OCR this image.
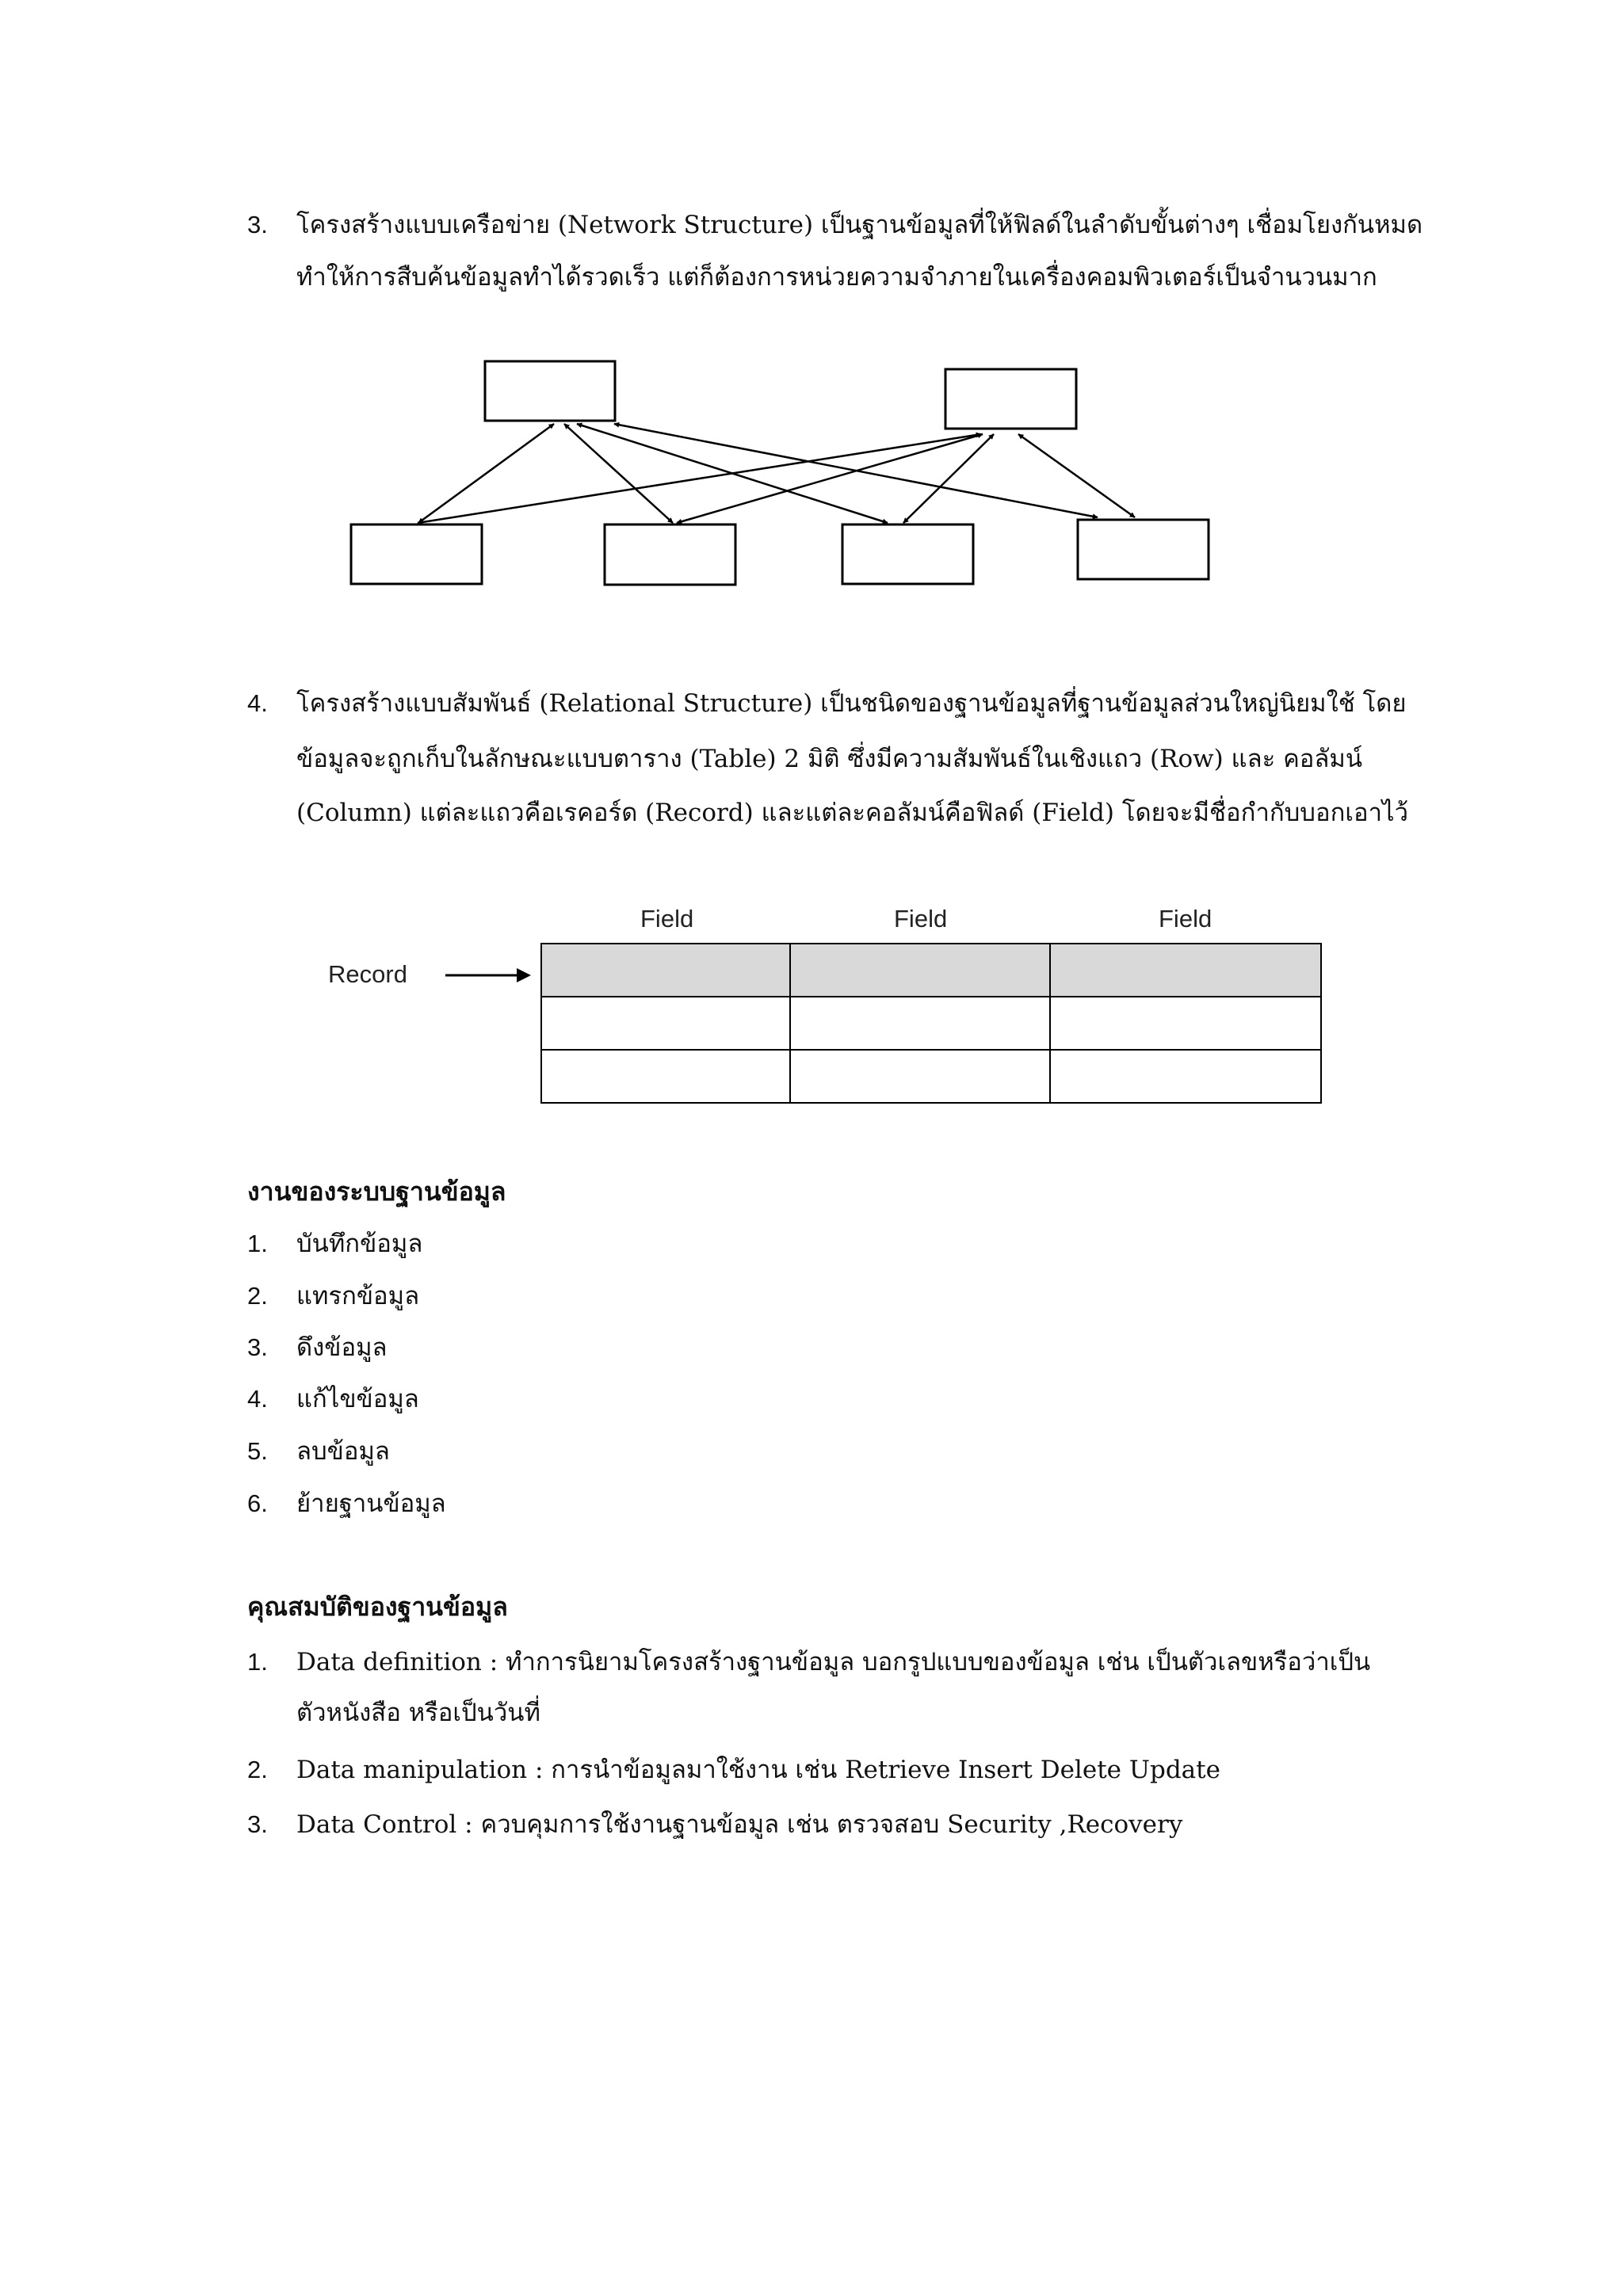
3. โครงสร้างแบบเครือข่าย (Network Structure) เป็นฐานข้อมูลที่ให้ฟิลด์ในลำดับขั้นต่างๆ เชื่อมโยงกันหมด
ทำให้การสืบค้นข้อมูลทำได้รวดเร็ว แต่ก็ต้องการหน่วยความจำภายในเครื่องคอมพิวเตอร์เป็นจำนวนมาก
4. โครงสร้างแบบสัมพันธ์ (Relational Structure) เป็นชนิดของฐานข้อมูลที่ฐานข้อมูลส่วนใหญ่นิยมใช้ โดย
ข้อมูลจะถูกเก็บในลักษณะแบบตาราง (Table) 2 มิติ ซึ่งมีความสัมพันธ์ในเชิงแถว (Row) และ คอลัมน์
(Column) แต่ละแถวคือเรคอร์ด (Record) และแต่ละคอลัมน์คือฟิลด์ (Field) โดยจะมีชื่อกำกับบอกเอาไว้
Field	Field	Field
Record

งานของระบบฐานข้อมูล
1. บันทึกข้อมูล
2. แทรกข้อมูล
3. ดึงข้อมูล
4. แก้ไขข้อมูล
5. ลบข้อมูล
6. ย้ายฐานข้อมูล
คุณสมบัติของฐานข้อมูล
1. Data definition : ทำการนิยามโครงสร้างฐานข้อมูล บอกรูปแบบของข้อมูล เช่น เป็นตัวเลขหรือว่าเป็น
ตัวหนังสือ หรือเป็นวันที่
2. Data manipulation : การนำข้อมูลมาใช้งาน เช่น Retrieve Insert Delete Update
3. Data Control : ควบคุมการใช้งานฐานข้อมูล เช่น ตรวจสอบ Security ,Recovery
